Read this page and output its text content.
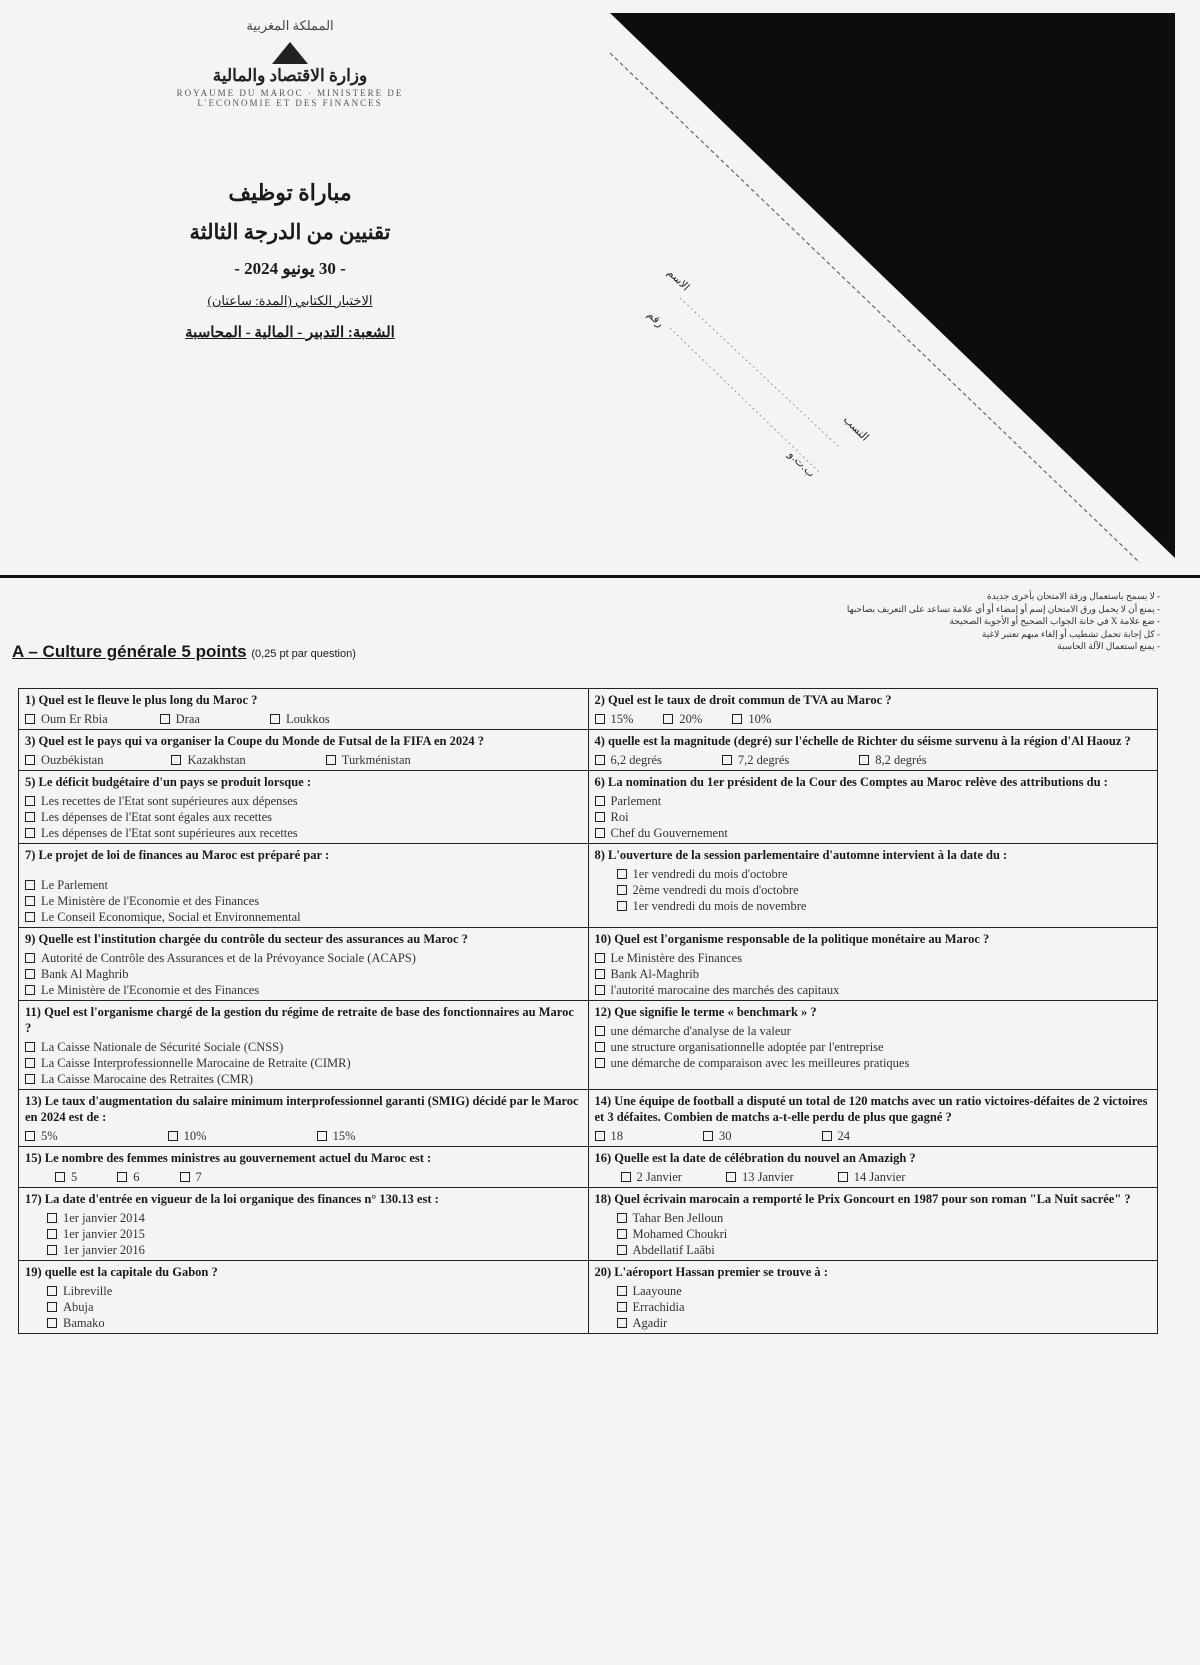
المملكة المغربية
وزارة الاقتصاد والمالية
ROYAUME DU MAROC · MINISTERE DE L'ECONOMIE ET DES FINANCES
مباراة توظيف
تقنيين من الدرجة الثالثة
- 30 يونيو 2024 -
الاختبار الكتابي (المدة: ساعتان)
الشعبة: التدبير - المالية - المحاسبة
الاسم
رقم
النسب
ب.ت.و
- لا يسمح باستعمال ورقة الامتحان بأخرى جديدة
- يمنع أن لا يحمل ورق الامتحان إسم أو إمضاء أو أي علامة تساعد على التعريف بصاحبها
- ضع علامة X في خانة الجواب الصحيح أو الأجوبة الصحيحة
- كل إجابة تحمل تشطيب أو إلغاء مبهم تعتبر لاغية
- يمنع استعمال الآلة الحاسبة
A – Culture générale 5 points (0,25 pt par question)
1) Quel est le fleuve le plus long du Maroc ?
Oum Er Rbia	Draa	Loukkos
2) Quel est le taux de droit commun de TVA au Maroc ?
15%	20%	10%
3) Quel est le pays qui va organiser la Coupe du Monde de Futsal de la FIFA en 2024 ?
Ouzbékistan	Kazakhstan	Turkménistan
4) quelle est la magnitude (degré) sur l'échelle de Richter du séisme survenu à la région d'Al Haouz ?
6,2 degrés	7,2 degrés	8,2 degrés
5) Le déficit budgétaire d'un pays se produit lorsque :
Les recettes de l'Etat sont supérieures aux dépenses
Les dépenses de l'Etat sont égales aux recettes
Les dépenses de l'Etat sont supérieures aux recettes
6) La nomination du 1er président de la Cour des Comptes au Maroc relève des attributions du :
Parlement
Roi
Chef du Gouvernement
7) Le projet de loi de finances au Maroc est préparé par :
Le Parlement
Le Ministère de l'Economie et des Finances
Le Conseil Economique, Social et Environnemental
8) L'ouverture de la session parlementaire d'automne intervient à la date du :
1er vendredi du mois d'octobre
2ème vendredi du mois d'octobre
1er vendredi du mois de novembre
9) Quelle est l'institution chargée du contrôle du secteur des assurances au Maroc ?
Autorité de Contrôle des Assurances et de la Prévoyance Sociale (ACAPS)
Bank Al Maghrib
Le Ministère de l'Economie et des Finances
10) Quel est l'organisme responsable de la politique monétaire au Maroc ?
Le Ministère des Finances
Bank Al-Maghrib
l'autorité marocaine des marchés des capitaux
11) Quel est l'organisme chargé de la gestion du régime de retraite de base des fonctionnaires au Maroc ?
La Caisse Nationale de Sécurité Sociale (CNSS)
La Caisse Interprofessionnelle Marocaine de Retraite (CIMR)
La Caisse Marocaine des Retraites (CMR)
12) Que signifie le terme « benchmark » ?
une démarche d'analyse de la valeur
une structure organisationnelle adoptée par l'entreprise
une démarche de comparaison avec les meilleures pratiques
13) Le taux d'augmentation du salaire minimum interprofessionnel garanti (SMIG) décidé par le Maroc en 2024 est de :
5%	10%	15%
14) Une équipe de football a disputé un total de 120 matchs avec un ratio victoires-défaites de 2 victoires et 3 défaites. Combien de matchs a-t-elle perdu de plus que gagné ?
18	30	24
15) Le nombre des femmes ministres au gouvernement actuel du Maroc est :
5	6	7
16) Quelle est la date de célébration du nouvel an Amazigh ?
2 Janvier	13 Janvier	14 Janvier
17) La date d'entrée en vigueur de la loi organique des finances n° 130.13 est :
1er janvier 2014
1er janvier 2015
1er janvier 2016
18) Quel écrivain marocain a remporté le Prix Goncourt en 1987 pour son roman "La Nuit sacrée" ?
Tahar Ben Jelloun
Mohamed Choukri
Abdellatif Laâbi
19) quelle est la capitale du Gabon ?
Libreville
Abuja
Bamako
20) L'aéroport Hassan premier se trouve à :
Laayoune
Errachidia
Agadir
